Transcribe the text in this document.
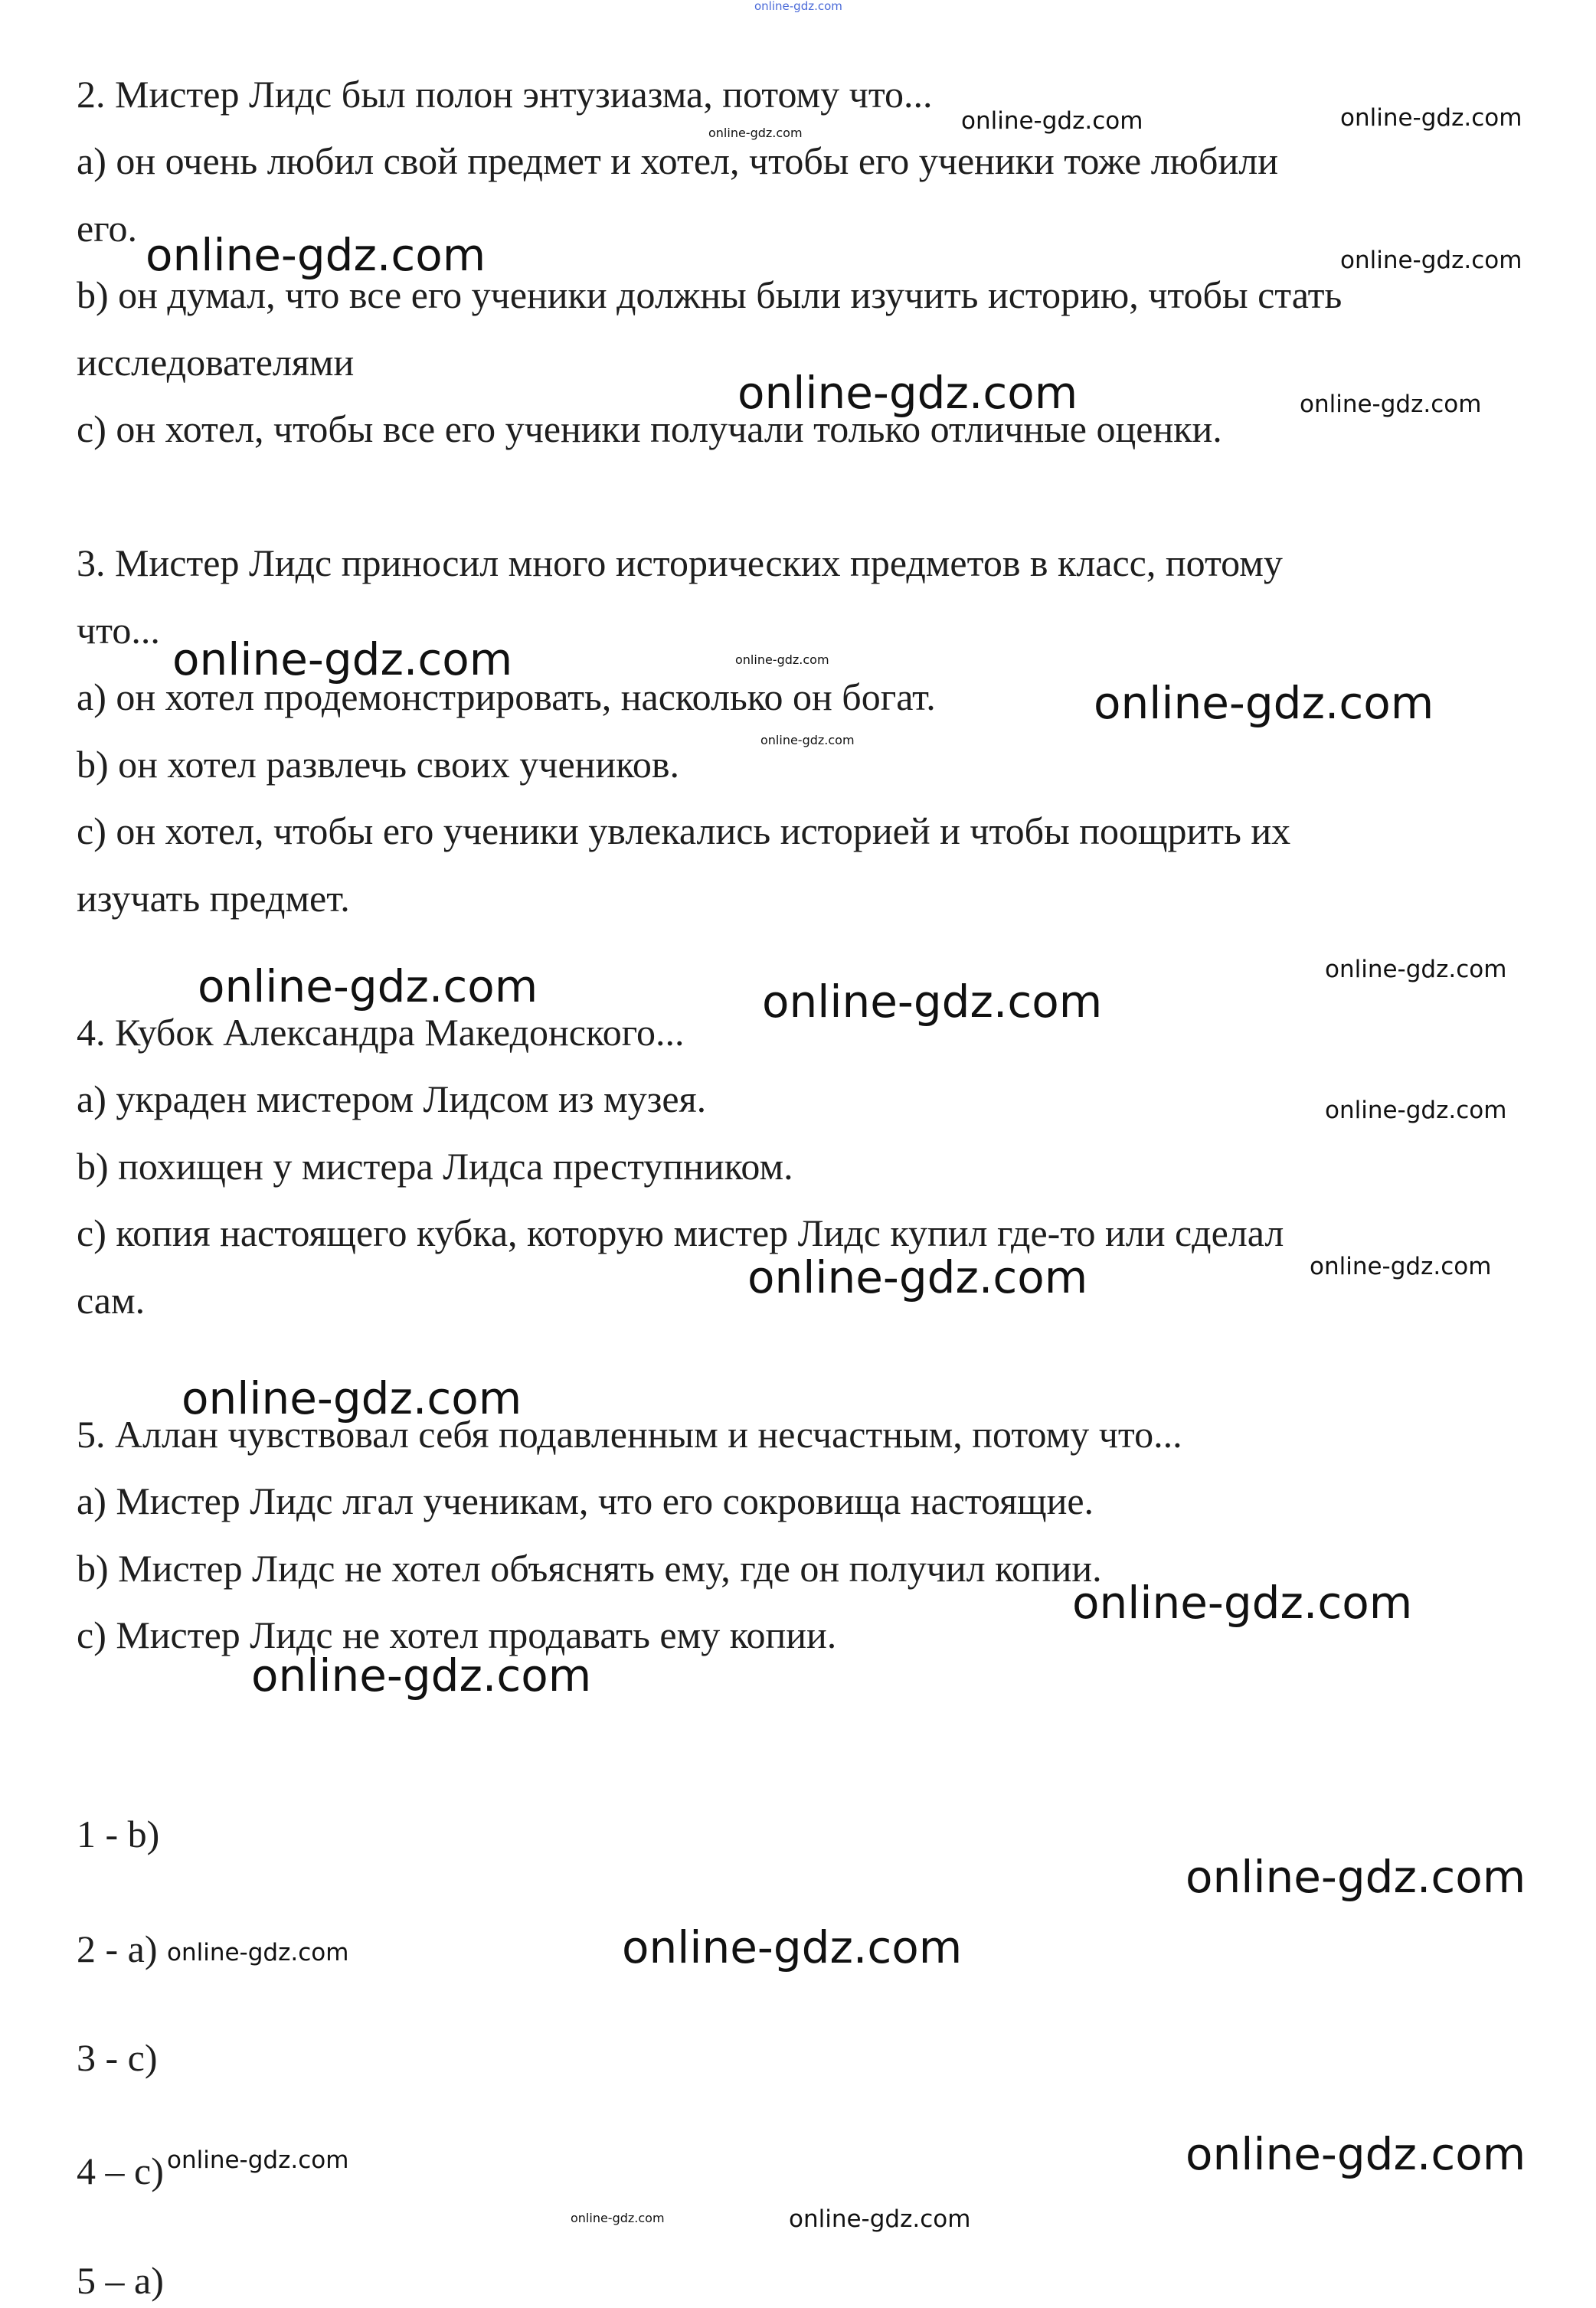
online-gdz.com
2. Мистер Лидс был полон энтузиазма, потому что...
a) он очень любил свой предмет и хотел, чтобы его ученики тоже любили
его.
b) он думал, что все его ученики должны были изучить историю, чтобы стать
исследователями
c) он хотел, чтобы все его ученики получали только отличные оценки.
3. Мистер Лидс приносил много исторических предметов в класс, потому
что...
a) он хотел продемонстрировать, насколько он богат.
b) он хотел развлечь своих учеников.
c) он хотел, чтобы его ученики увлекались историей и чтобы поощрить их
изучать предмет.
4. Кубок Александра Македонского...
a) украден мистером Лидсом из музея.
b) похищен у мистера Лидса преступником.
c) копия настоящего кубка, которую мистер Лидс купил где-то или сделал
сам.
5. Аллан чувствовал себя подавленным и несчастным, потому что...
a) Мистер Лидс лгал ученикам, что его сокровища настоящие.
b) Мистер Лидс не хотел объяснять ему, где он получил копии.
c) Мистер Лидс не хотел продавать ему копии.
1 - b)
2 - a)
3 - c)
4 – c)
5 – a)
online-gdz.com
online-gdz.com
online-gdz.com
online-gdz.com	online-gdz.com
online-gdz.com	online-gdz.com
online-gdz.com	online-gdz.com
online-gdz.com
online-gdz.com
online-gdz.com	online-gdz.com
online-gdz.com
online-gdz.com
online-gdz.com
online-gdz.com
online-gdz.com
online-gdz.com
online-gdz.com
online-gdz.com
online-gdz.com	online-gdz.com
online-gdz.com	online-gdz.com
online-gdz.com	online-gdz.com
